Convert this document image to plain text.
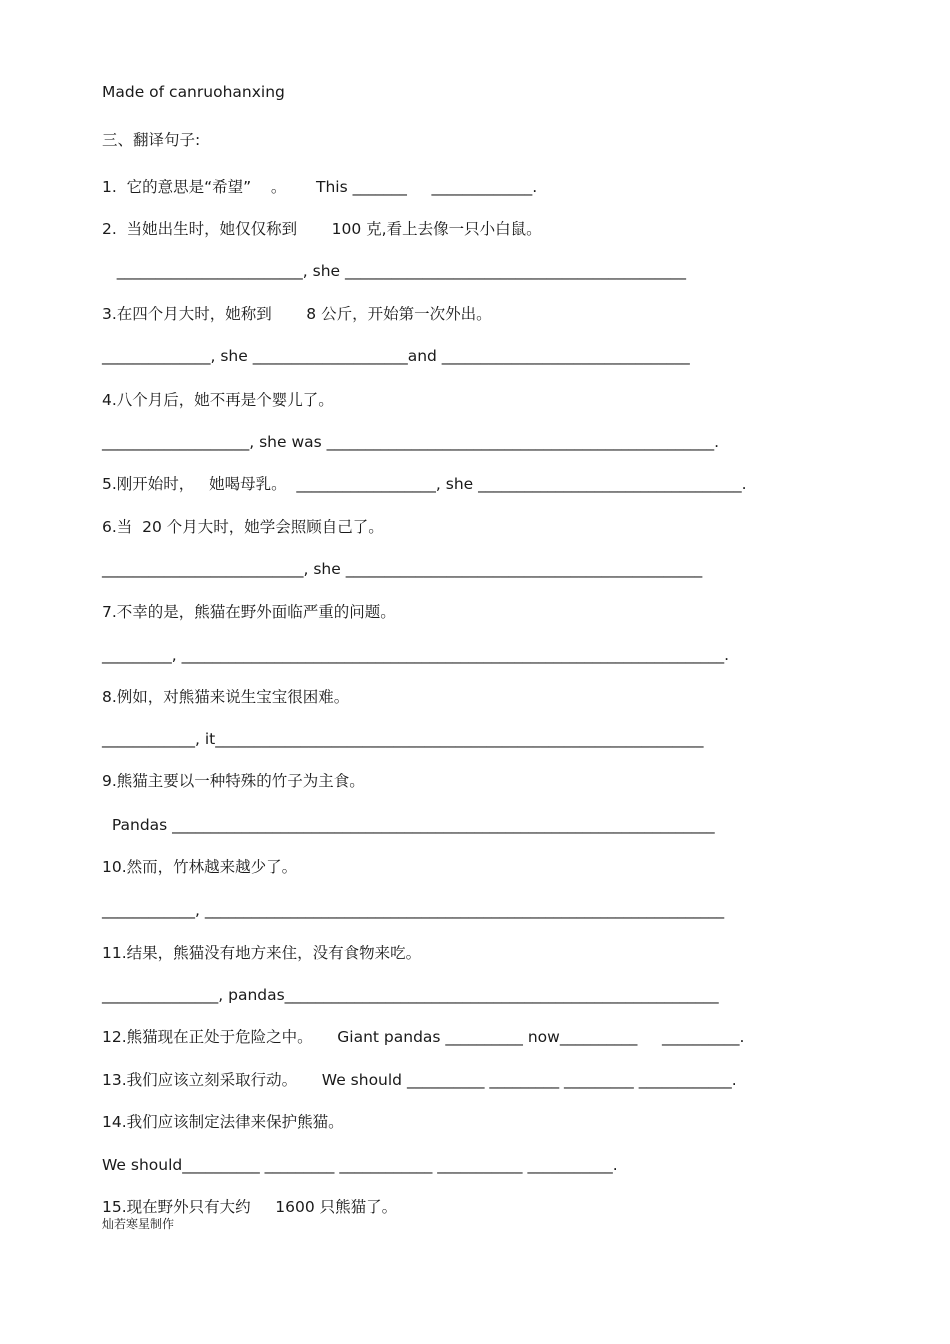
Made of canruohanxing
三、翻译句子:
1.  它的意思是“希望”    。      This _______     _____________.
2.  当她出生时，她仅仅称到       100 克,看上去像一只小白鼠。
________________________, she ____________________________________________
3.在四个月大时，她称到       8 公斤，开始第一次外出。
______________, she ____________________and ________________________________
4.八个月后，她不再是个婴儿了。
___________________, she was __________________________________________________.
5.刚开始时，   她喝母乳。  __________________, she __________________________________.
6.当  20 个月大时，她学会照顾自己了。
__________________________, she ______________________________________________
7.不幸的是，熊猫在野外面临严重的问题。
_________, ______________________________________________________________________.
8.例如，对熊猫来说生宝宝很困难。
____________, it_______________________________________________________________
9.熊猫主要以一种特殊的竹子为主食。
Pandas ______________________________________________________________________
10.然而，竹林越来越少了。
____________, ___________________________________________________________________
11.结果，熊猫没有地方来住，没有食物来吃。
_______________, pandas________________________________________________________
12.熊猫现在正处于危险之中。     Giant pandas __________ now__________     __________.
13.我们应该立刻采取行动。     We should __________ _________ _________ ____________.
14.我们应该制定法律来保护熊猫。
We should__________ _________ ____________ ___________ ___________.
15.现在野外只有大约     1600 只熊猫了。
灿若寒星制作
